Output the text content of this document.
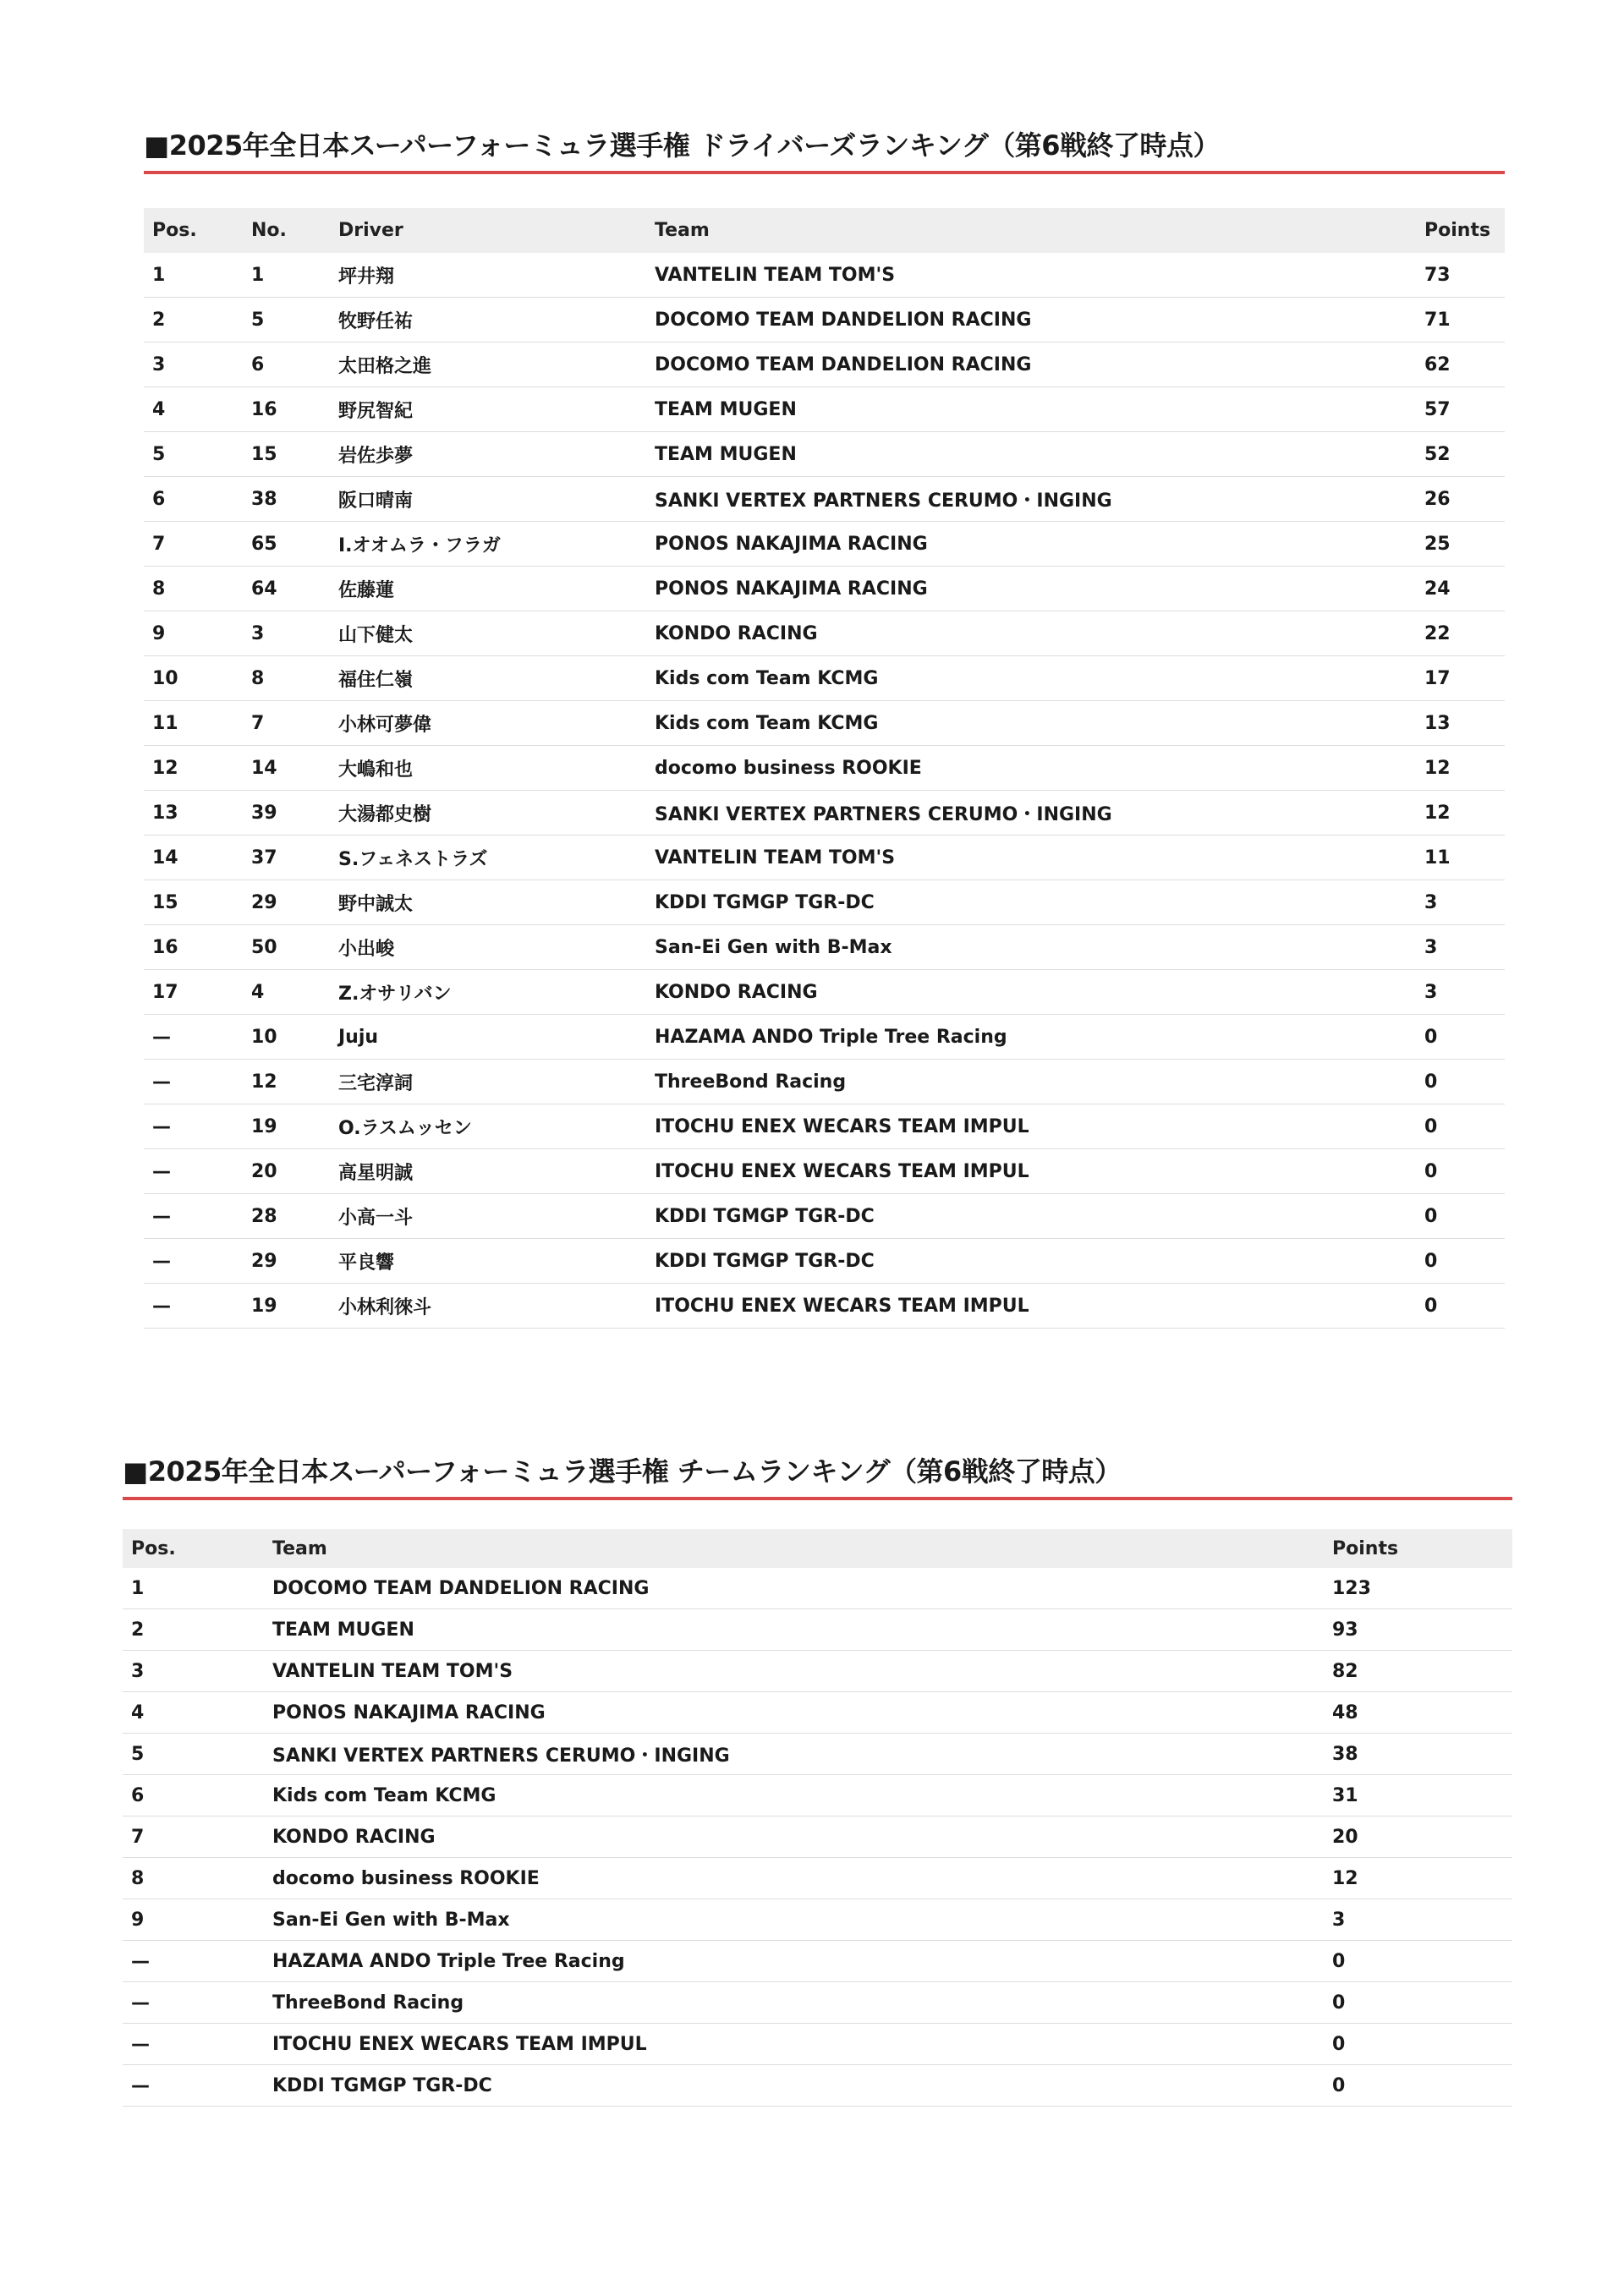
■2025年全日本スーパーフォーミュラ選手権 ドライバーズランキング（第6戦終了時点）
Pos.	No.	Driver	Team	Points
1	1	坪井翔	VANTELIN TEAM TOM'S	73
2	5	牧野任祐	DOCOMO TEAM DANDELION RACING	71
3	6	太田格之進	DOCOMO TEAM DANDELION RACING	62
4	16	野尻智紀	TEAM MUGEN	57
5	15	岩佐歩夢	TEAM MUGEN	52
6	38	阪口晴南	SANKI VERTEX PARTNERS CERUMO・INGING	26
7	65	I.オオムラ・フラガ	PONOS NAKAJIMA RACING	25
8	64	佐藤蓮	PONOS NAKAJIMA RACING	24
9	3	山下健太	KONDO RACING	22
10	8	福住仁嶺	Kids com Team KCMG	17
11	7	小林可夢偉	Kids com Team KCMG	13
12	14	大嶋和也	docomo business ROOKIE	12
13	39	大湯都史樹	SANKI VERTEX PARTNERS CERUMO・INGING	12
14	37	S.フェネストラズ	VANTELIN TEAM TOM'S	11
15	29	野中誠太	KDDI TGMGP TGR-DC	3
16	50	小出峻	San-Ei Gen with B-Max	3
17	4	Z.オサリバン	KONDO RACING	3
—	10	Juju	HAZAMA ANDO Triple Tree Racing	0
—	12	三宅淳詞	ThreeBond Racing	0
—	19	O.ラスムッセン	ITOCHU ENEX WECARS TEAM IMPUL	0
—	20	高星明誠	ITOCHU ENEX WECARS TEAM IMPUL	0
—	28	小高一斗	KDDI TGMGP TGR-DC	0
—	29	平良響	KDDI TGMGP TGR-DC	0
—	19	小林利徠斗	ITOCHU ENEX WECARS TEAM IMPUL	0
■2025年全日本スーパーフォーミュラ選手権 チームランキング（第6戦終了時点）
Pos.	Team	Points
1	DOCOMO TEAM DANDELION RACING	123
2	TEAM MUGEN	93
3	VANTELIN TEAM TOM'S	82
4	PONOS NAKAJIMA RACING	48
5	SANKI VERTEX PARTNERS CERUMO・INGING	38
6	Kids com Team KCMG	31
7	KONDO RACING	20
8	docomo business ROOKIE	12
9	San-Ei Gen with B-Max	3
—	HAZAMA ANDO Triple Tree Racing	0
—	ThreeBond Racing	0
—	ITOCHU ENEX WECARS TEAM IMPUL	0
—	KDDI TGMGP TGR-DC	0
